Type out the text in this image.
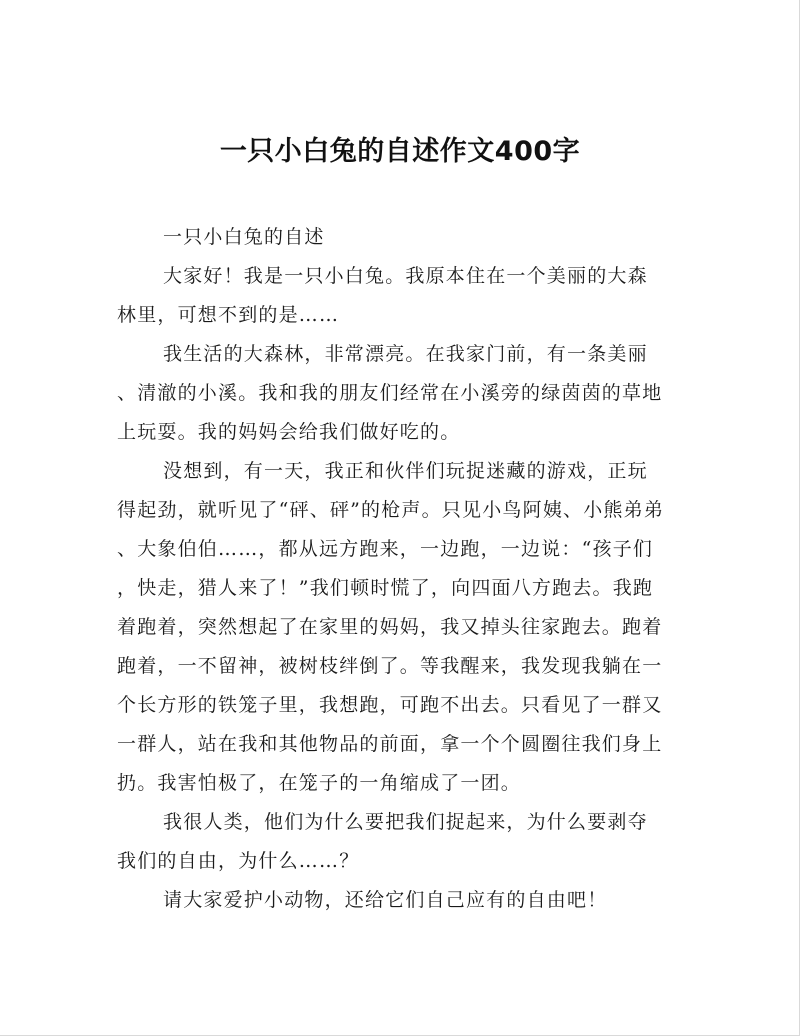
一只小白兔的自述作文400字
一只小白兔的自述
大家好！我是一只小白兔。我原本住在一个美丽的大森
林里，可想不到的是……
我生活的大森林，非常漂亮。在我家门前，有一条美丽
、清澈的小溪。我和我的朋友们经常在小溪旁的绿茵茵的草地
上玩耍。我的妈妈会给我们做好吃的。
没想到，有一天，我正和伙伴们玩捉迷藏的游戏，正玩
得起劲，就听见了“砰、砰”的枪声。只见小鸟阿姨、小熊弟弟
、大象伯伯……，都从远方跑来，一边跑，一边说：“孩子们
，快走，猎人来了！”我们顿时慌了，向四面八方跑去。我跑
着跑着，突然想起了在家里的妈妈，我又掉头往家跑去。跑着
跑着，一不留神，被树枝绊倒了。等我醒来，我发现我躺在一
个长方形的铁笼子里，我想跑，可跑不出去。只看见了一群又
一群人，站在我和其他物品的前面，拿一个个圆圈往我们身上
扔。我害怕极了，在笼子的一角缩成了一团。
我很人类，他们为什么要把我们捉起来，为什么要剥夺
我们的自由，为什么……？
请大家爱护小动物，还给它们自己应有的自由吧！
